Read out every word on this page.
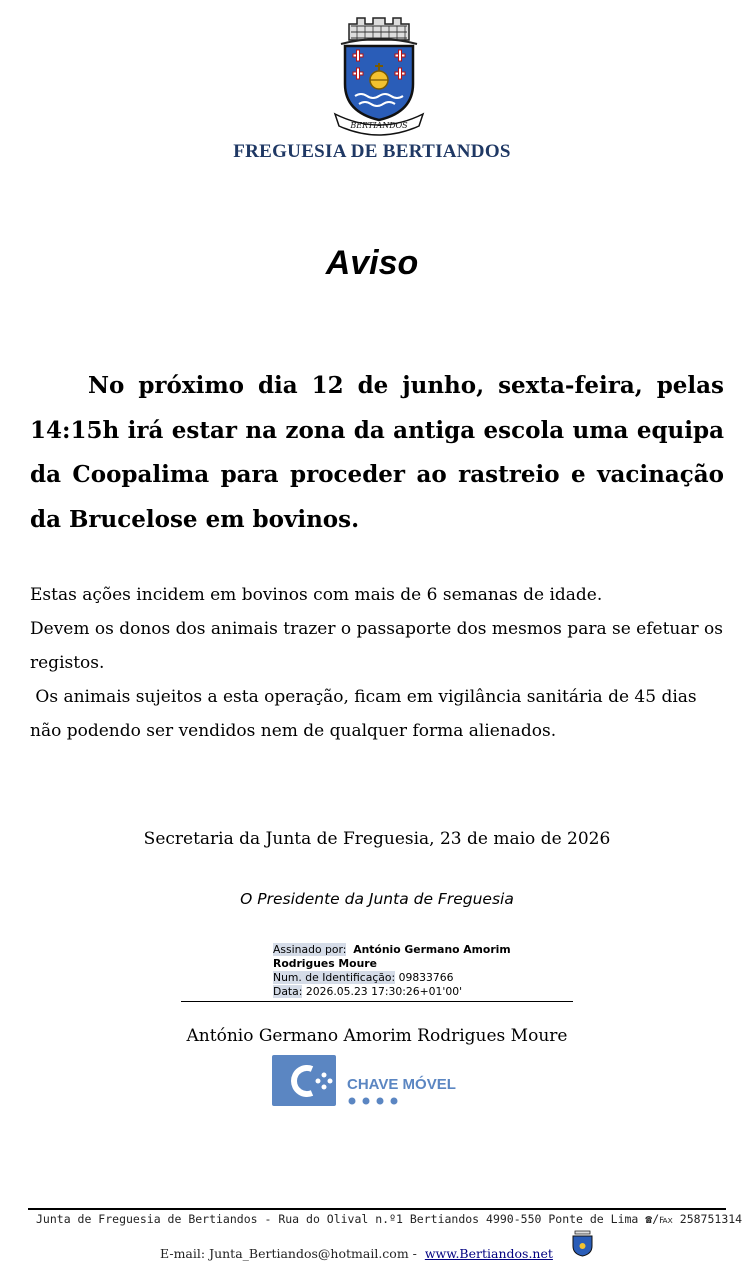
BERTIANDOS
FREGUESIA DE BERTIANDOS
Aviso

No próximo dia 12 de junho, sexta-feira, pelas 14:15h irá estar na zona da antiga escola uma equipa da Coopalima para proceder ao rastreio e vacinação da Brucelose em bovinos.

Estas ações incidem em bovinos com mais de 6 semanas de idade.
Devem os donos dos animais trazer o passaporte dos mesmos para se efetuar os
registos.
Os animais sujeitos a esta operação, ficam em vigilância sanitária de 45 dias
não podendo ser vendidos nem de qualquer forma alienados.
Secretaria da Junta de Freguesia, 23 de maio de 2026
O Presidente da Junta de Freguesia
Assinado por: António Germano Amorim
Rodrigues Moure
Num. de Identificação: 09833766
Data: 2026.05.23 17:30:26+01'00'
António Germano Amorim Rodrigues Moure
CHAVE MÓVEL
Junta de Freguesia de Bertiandos - Rua do Olival n.º1 Bertiandos 4990-550 Ponte de Lima ☎/℻ 258751314
E-mail: Junta_Bertiandos@hotmail.com - www.Bertiandos.net
